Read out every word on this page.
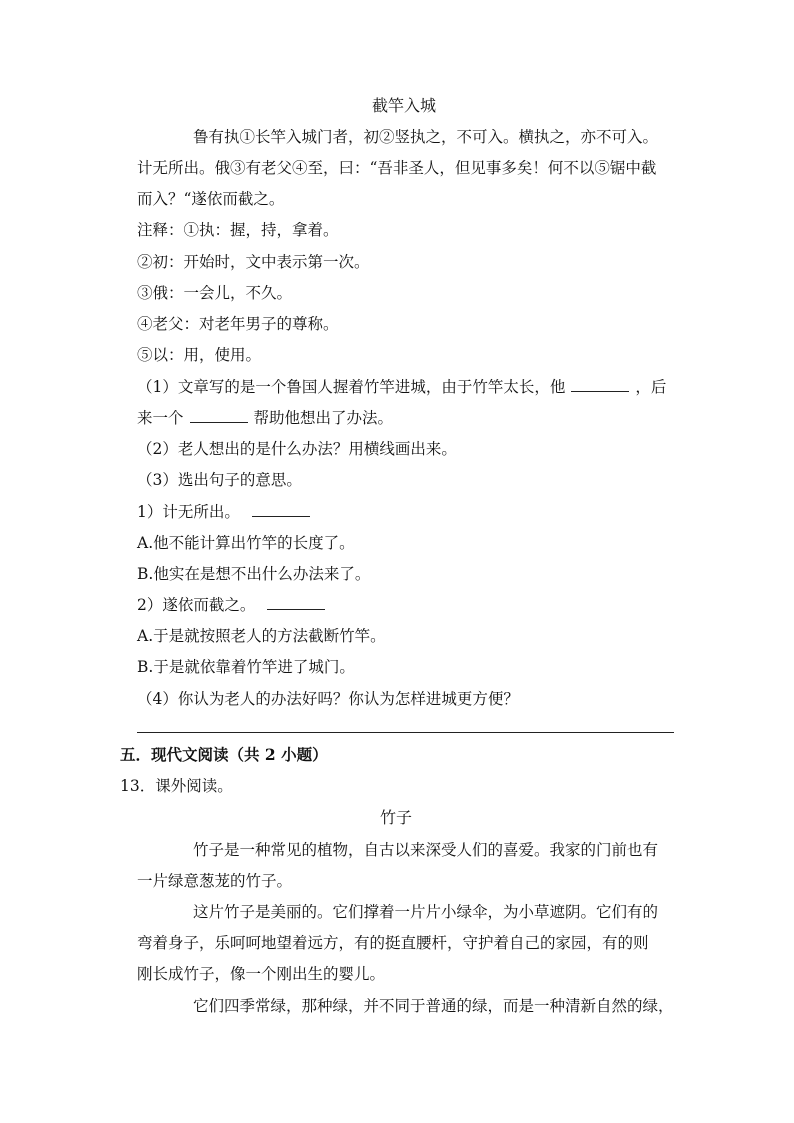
截竿入城
鲁有执①长竿入城门者，初②竖执之，不可入。横执之，亦不可入。
计无所出。俄③有老父④至，曰：“吾非圣人，但见事多矣！何不以⑤锯中截
而入？“遂依而截之。
注释：①执：握，持，拿着。
②初：开始时，文中表示第一次。
③俄：一会儿，不久。
④老父：对老年男子的尊称。
⑤以：用，使用。
（1）文章写的是一个鲁国人握着竹竿进城，由于竹竿太长，他	，后
来一个	帮助他想出了办法。
（2）老人想出的是什么办法？用横线画出来。
（3）选出句子的意思。
1）计无所出。
A.他不能计算出竹竿的长度了。
B.他实在是想不出什么办法来了。
2）遂依而截之。
A.于是就按照老人的方法截断竹竿。
B.于是就依靠着竹竿进了城门。
（4）你认为老人的办法好吗？你认为怎样进城更方便？
五．现代文阅读（共 2 小题）
13．课外阅读。
竹子
竹子是一种常见的植物，自古以来深受人们的喜爱。我家的门前也有
一片绿意葱茏的竹子。
这片竹子是美丽的。它们撑着一片片小绿伞，为小草遮阴。它们有的
弯着身子，乐呵呵地望着远方，有的挺直腰杆，守护着自己的家园，有的则
刚长成竹子，像一个刚出生的婴儿。
它们四季常绿，那种绿，并不同于普通的绿，而是一种清新自然的绿，
